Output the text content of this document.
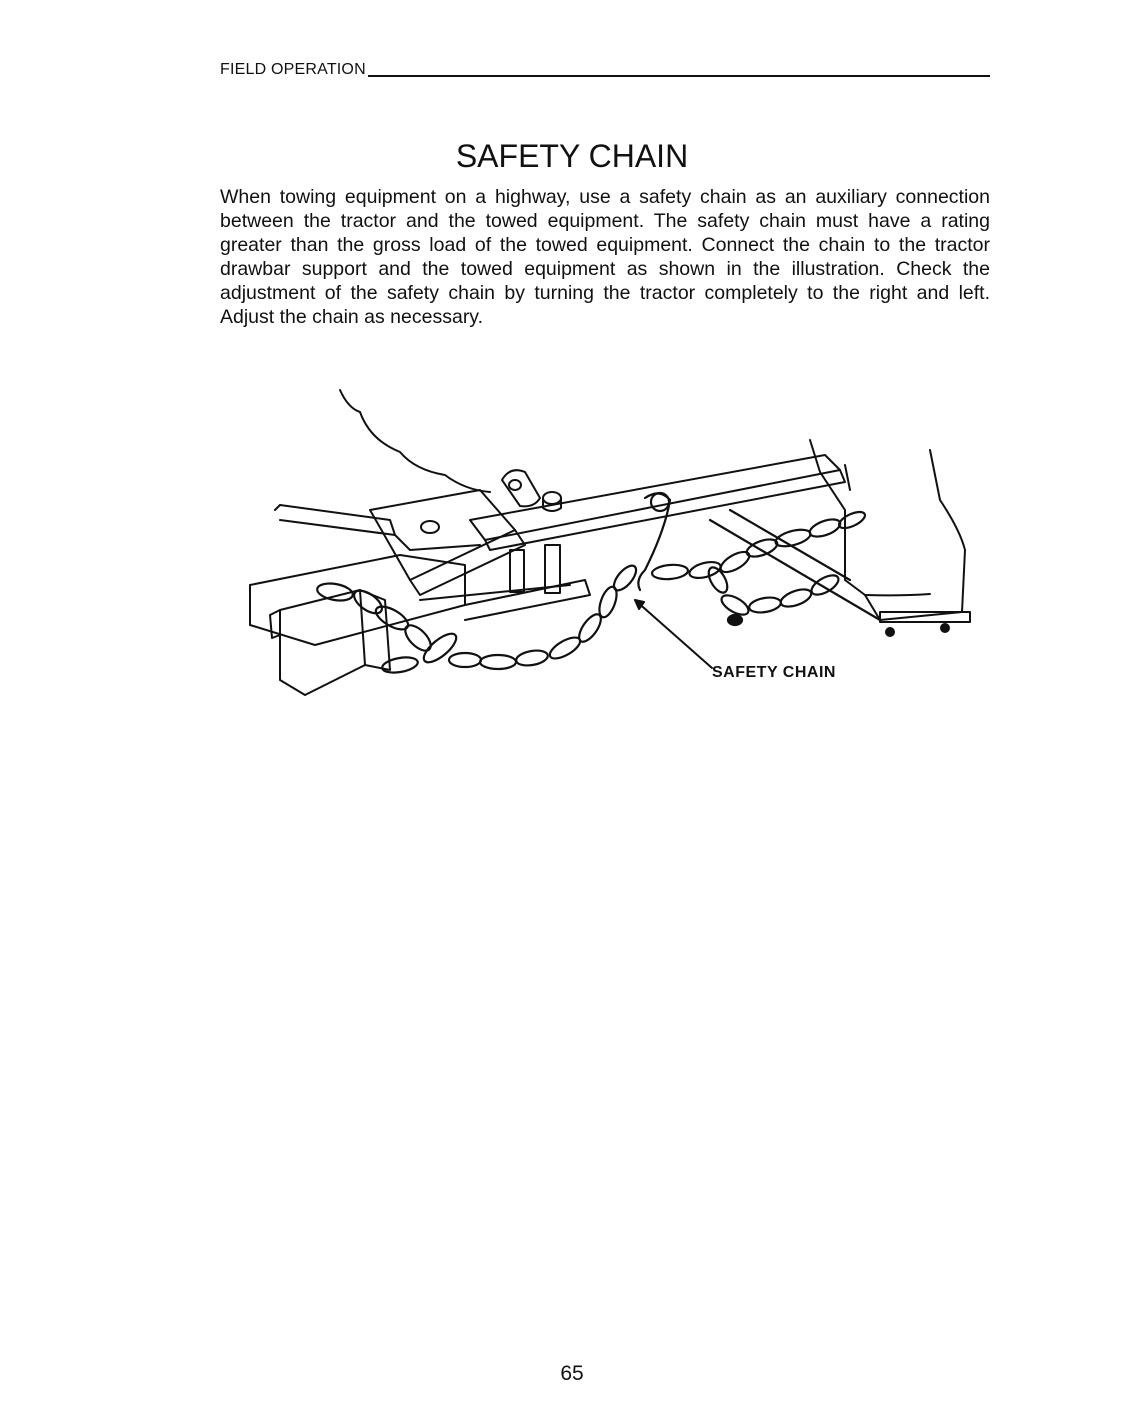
FIELD OPERATION
SAFETY CHAIN

When towing equipment on a highway, use a safety chain as an auxiliary connection between the tractor and the towed equipment. The safety chain must have a rating greater than the gross load of the towed equipment. Connect the chain to the tractor drawbar support and the towed equipment as shown in the illustration. Check the adjustment of the safety chain by turning the tractor completely to the right and left. Adjust the chain as necessary.

SAFETY CHAIN
65
